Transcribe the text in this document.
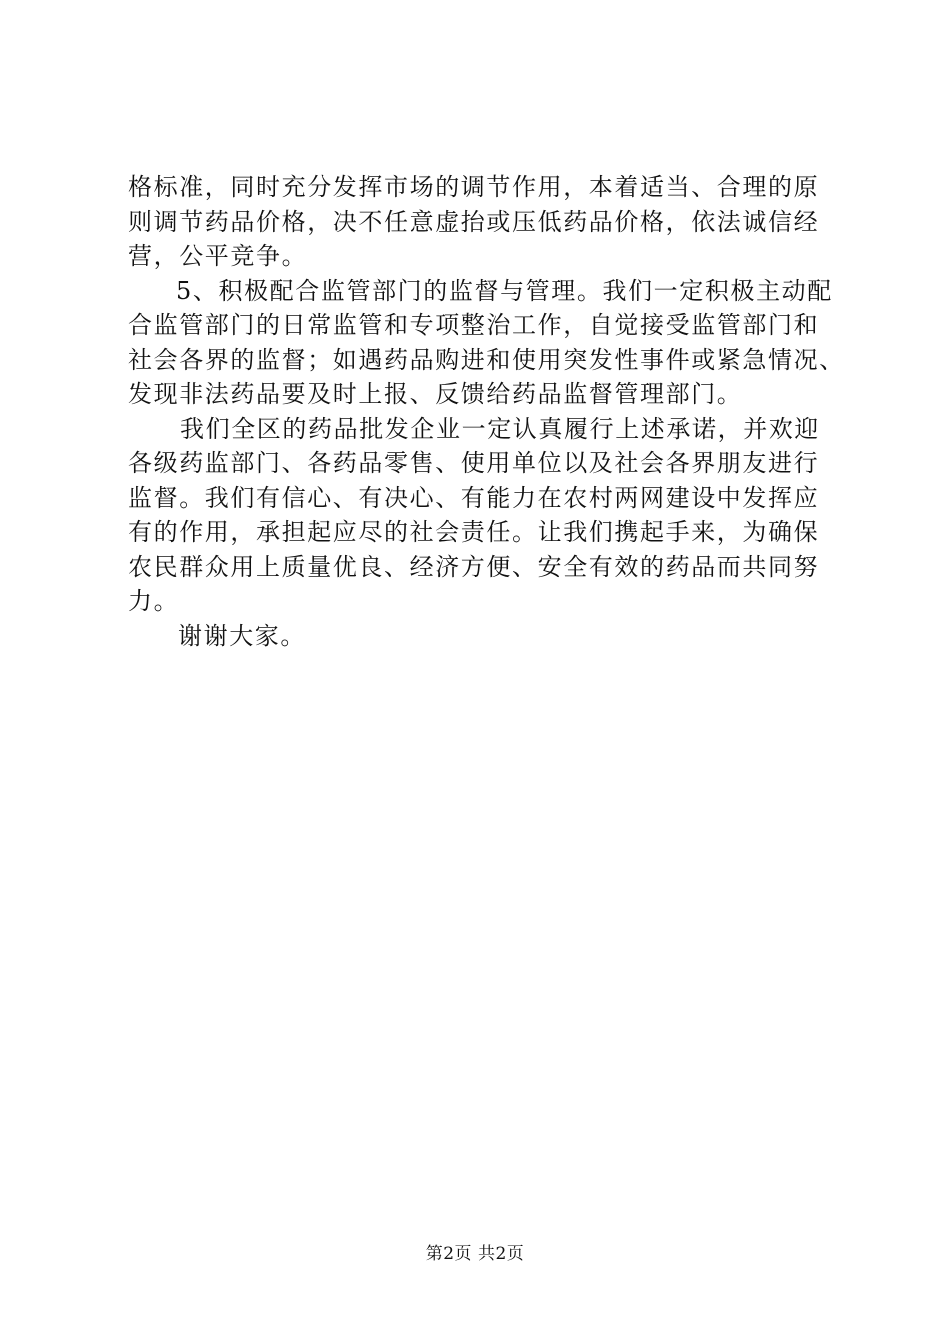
格标准，同时充分发挥市场的调节作用，本着适当、合理的原
则调节药品价格，决不任意虚抬或压低药品价格，依法诚信经
营，公平竞争。

5、积极配合监管部门的监督与管理。我们一定积极主动配
合监管部门的日常监管和专项整治工作，自觉接受监管部门和
社会各界的监督；如遇药品购进和使用突发性事件或紧急情况、
发现非法药品要及时上报、反馈给药品监督管理部门。

我们全区的药品批发企业一定认真履行上述承诺，并欢迎
各级药监部门、各药品零售、使用单位以及社会各界朋友进行
监督。我们有信心、有决心、有能力在农村两网建设中发挥应
有的作用，承担起应尽的社会责任。让我们携起手来，为确保
农民群众用上质量优良、经济方便、安全有效的药品而共同努
力。

谢谢大家。

第2页 共2页
